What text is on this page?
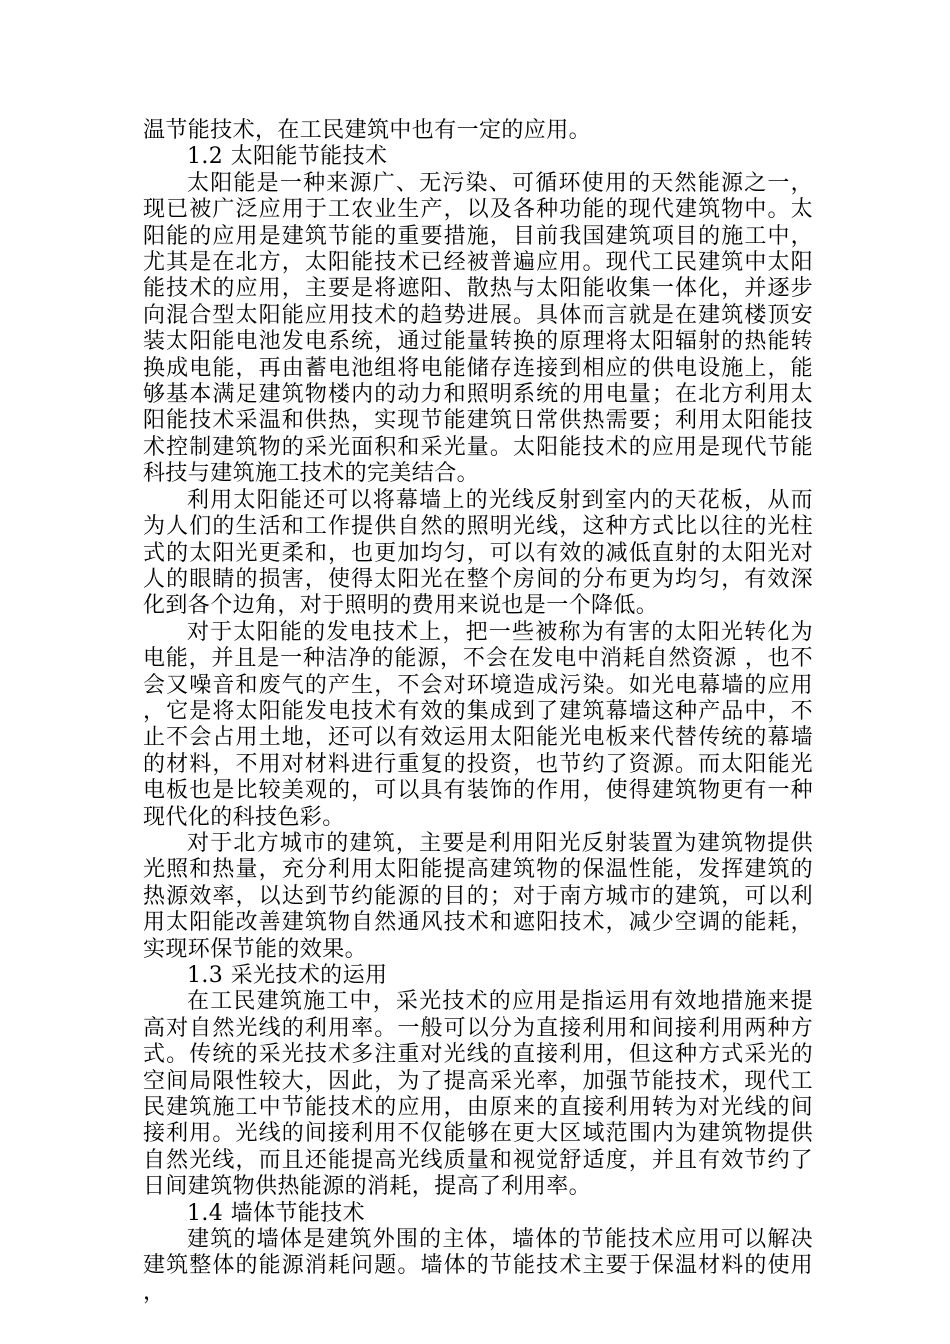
温节能技术，在工民建筑中也有一定的应用。

1.2 太阳能节能技术

太阳能是一种来源广、无污染、可循环使用的天然能源之一，现已被广泛应用于工农业生产，以及各种功能的现代建筑物中。太阳能的应用是建筑节能的重要措施，目前我国建筑项目的施工中，尤其是在北方，太阳能技术已经被普遍应用。现代工民建筑中太阳能技术的应用，主要是将遮阳、散热与太阳能收集一体化，并逐步向混合型太阳能应用技术的趋势进展。具体而言就是在建筑楼顶安装太阳能电池发电系统，通过能量转换的原理将太阳辐射的热能转换成电能，再由蓄电池组将电能储存连接到相应的供电设施上，能够基本满足建筑物楼内的动力和照明系统的用电量；在北方利用太阳能技术采温和供热，实现节能建筑日常供热需要；利用太阳能技术控制建筑物的采光面积和采光量。太阳能技术的应用是现代节能科技与建筑施工技术的完美结合。

利用太阳能还可以将幕墙上的光线反射到室内的天花板，从而为人们的生活和工作提供自然的照明光线，这种方式比以往的光柱式的太阳光更柔和，也更加均匀，可以有效的减低直射的太阳光对人的眼睛的损害，使得太阳光在整个房间的分布更为均匀，有效深化到各个边角，对于照明的费用来说也是一个降低。

对于太阳能的发电技术上，把一些被称为有害的太阳光转化为电能，并且是一种洁净的能源，不会在发电中消耗自然资源 ，也不会又噪音和废气的产生，不会对环境造成污染。如光电幕墙的应用，它是将太阳能发电技术有效的集成到了建筑幕墙这种产品中，不止不会占用土地，还可以有效运用太阳能光电板来代替传统的幕墙的材料，不用对材料进行重复的投资，也节约了资源。而太阳能光电板也是比较美观的，可以具有装饰的作用，使得建筑物更有一种现代化的科技色彩。

对于北方城市的建筑，主要是利用阳光反射装置为建筑物提供光照和热量，充分利用太阳能提高建筑物的保温性能，发挥建筑的热源效率，以达到节约能源的目的；对于南方城市的建筑，可以利用太阳能改善建筑物自然通风技术和遮阳技术，减少空调的能耗，实现环保节能的效果。

1.3 采光技术的运用

在工民建筑施工中，采光技术的应用是指运用有效地措施来提高对自然光线的利用率。一般可以分为直接利用和间接利用两种方式。传统的采光技术多注重对光线的直接利用，但这种方式采光的空间局限性较大，因此，为了提高采光率，加强节能技术，现代工民建筑施工中节能技术的应用，由原来的直接利用转为对光线的间接利用。光线的间接利用不仅能够在更大区域范围内为建筑物提供自然光线，而且还能提高光线质量和视觉舒适度，并且有效节约了日间建筑物供热能源的消耗，提高了利用率。

1.4 墙体节能技术

建筑的墙体是建筑外围的主体，墙体的节能技术应用可以解决建筑整体的能源消耗问题。墙体的节能技术主要于保温材料的使用，
